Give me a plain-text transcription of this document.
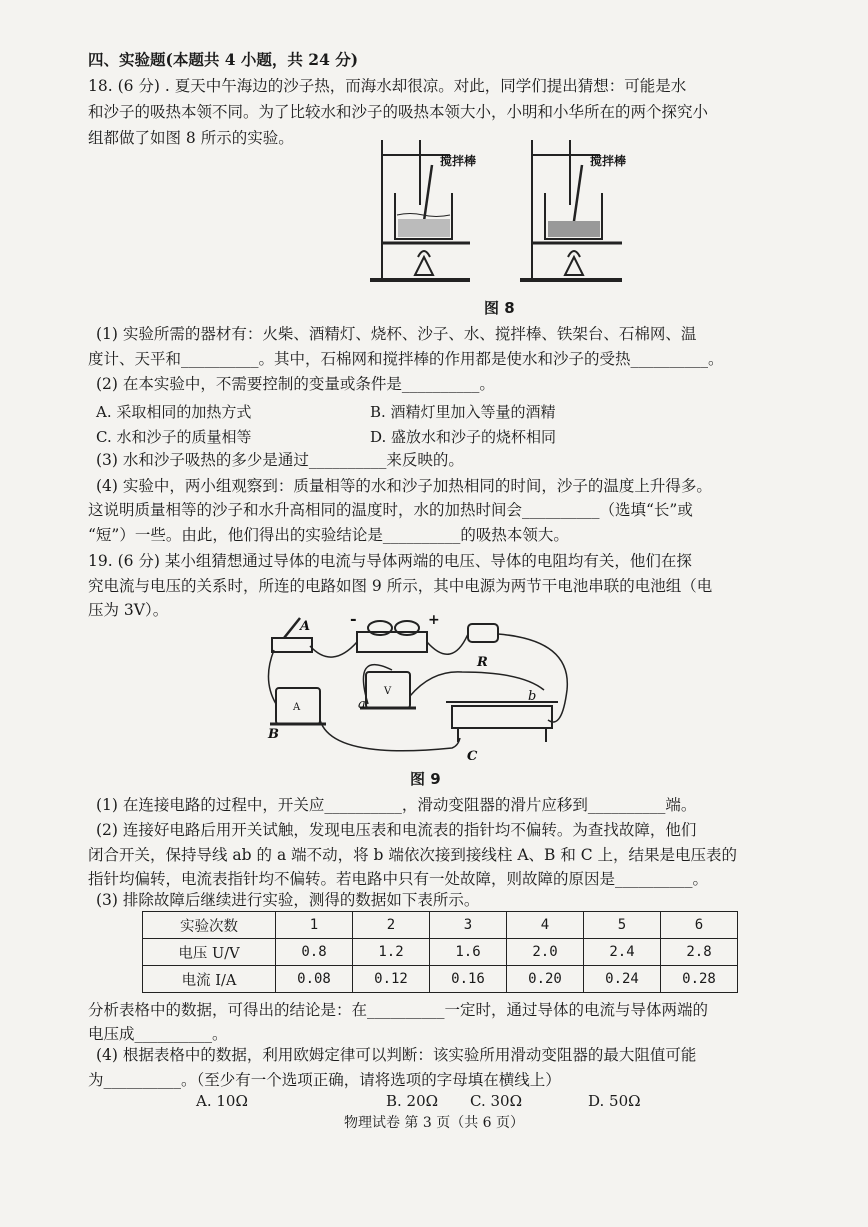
四、实验题(本题共 4 小题，共 24 分)
18. (6 分) . 夏天中午海边的沙子热，而海水却很凉。对此，同学们提出猜想：可能是水
和沙子的吸热本领不同。为了比较水和沙子的吸热本领大小，小明和小华所在的两个探究小
组都做了如图 8 所示的实验。
搅拌棒	搅拌棒
图 8
(1) 实验所需的器材有：火柴、酒精灯、烧杯、沙子、水、搅拌棒、铁架台、石棉网、温
度计、天平和__________。其中，石棉网和搅拌棒的作用都是使水和沙子的受热__________。
(2) 在本实验中，不需要控制的变量或条件是__________。
A. 采取相同的加热方式	B. 酒精灯里加入等量的酒精
C. 水和沙子的质量相等	D. 盛放水和沙子的烧杯相同
(3) 水和沙子吸热的多少是通过__________来反映的。
(4) 实验中，两小组观察到：质量相等的水和沙子加热相同的时间，沙子的温度上升得多。
这说明质量相等的沙子和水升高相同的温度时，水的加热时间会__________（选填“长”或
“短”）一些。由此，他们得出的实验结论是__________的吸热本领大。
19. (6 分) 某小组猜想通过导体的电流与导体两端的电压、导体的电阻均有关，他们在探
究电流与电压的关系时，所连的电路如图 9 所示，其中电源为两节干电池串联的电池组（电
压为 3V）。
A
B
C
R
a
b
-	+
A
V
图 9
(1) 在连接电路的过程中，开关应__________，滑动变阻器的滑片应移到__________端。
(2) 连接好电路后用开关试触，发现电压表和电流表的指针均不偏转。为查找故障，他们
闭合开关，保持导线 ab 的 a 端不动，将 b 端依次接到接线柱 A、B 和 C 上，结果是电压表的
指针均偏转，电流表指针均不偏转。若电路中只有一处故障，则故障的原因是__________。
(3) 排除故障后继续进行实验，测得的数据如下表所示。
实验次数	1	2	3	4	5	6
电压 U/V	0.8	1.2	1.6	2.0	2.4	2.8
电流 I/A	0.08	0.12	0.16	0.20	0.24	0.28
分析表格中的数据，可得出的结论是：在__________一定时，通过导体的电流与导体两端的
电压成__________。
(4) 根据表格中的数据，利用欧姆定律可以判断：该实验所用滑动变阻器的最大阻值可能
为__________。（至少有一个选项正确，请将选项的字母填在横线上）
A. 10Ω	B. 20Ω C. 30Ω	D. 50Ω
物理试卷 第 3 页（共 6 页）
